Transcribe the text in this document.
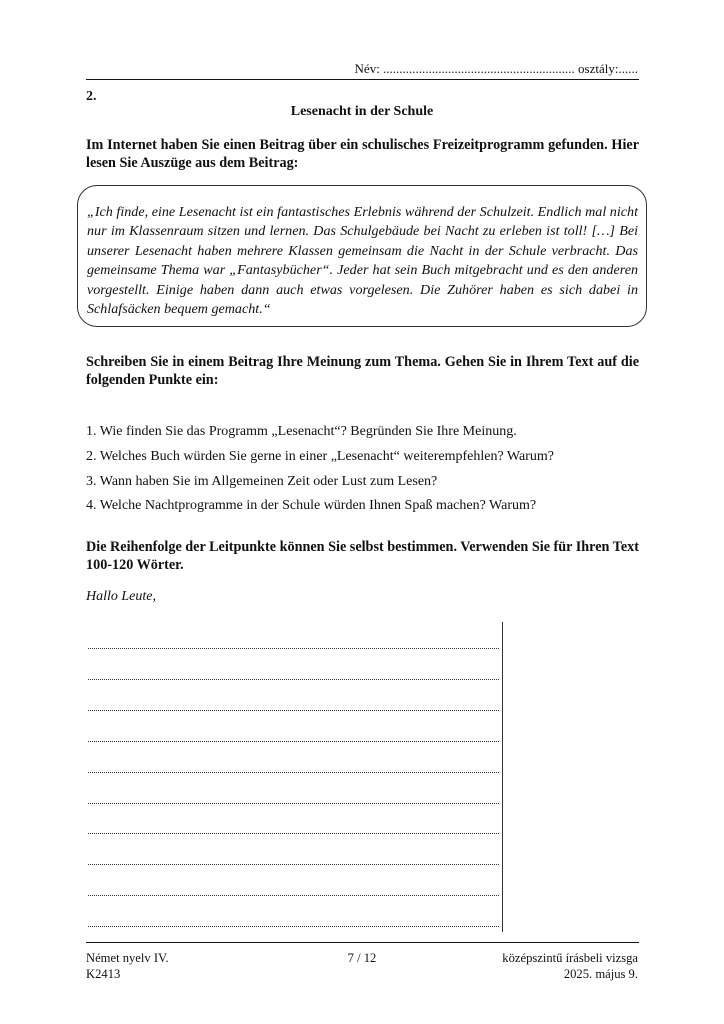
Név: ........................................................... osztály:......
2.
Lesenacht in der Schule
Im Internet haben Sie einen Beitrag über ein schulisches Freizeitprogramm gefunden. Hier lesen Sie Auszüge aus dem Beitrag:
„Ich finde, eine Lesenacht ist ein fantastisches Erlebnis während der Schulzeit. Endlich mal nicht nur im Klassenraum sitzen und lernen. Das Schulgebäude bei Nacht zu erleben ist toll! […] Bei unserer Lesenacht haben mehrere Klassen gemeinsam die Nacht in der Schule verbracht. Das gemeinsame Thema war „Fantasybücher“. Jeder hat sein Buch mitgebracht und es den anderen vorgestellt. Einige haben dann auch etwas vorgelesen. Die Zuhörer haben es sich dabei in Schlafsäcken bequem gemacht.“
Schreiben Sie in einem Beitrag Ihre Meinung zum Thema. Gehen Sie in Ihrem Text auf die folgenden Punkte ein:
1. Wie finden Sie das Programm „Lesenacht“? Begründen Sie Ihre Meinung.
2. Welches Buch würden Sie gerne in einer „Lesenacht“ weiterempfehlen? Warum?
3. Wann haben Sie im Allgemeinen Zeit oder Lust zum Lesen?
4. Welche Nachtprogramme in der Schule würden Ihnen Spaß machen? Warum?
Die Reihenfolge der Leitpunkte können Sie selbst bestimmen. Verwenden Sie für Ihren Text 100-120 Wörter.
Hallo Leute,
Német nyelv IV.
K2413
7 / 12	középszintű írásbeli vizsga
2025. május 9.
